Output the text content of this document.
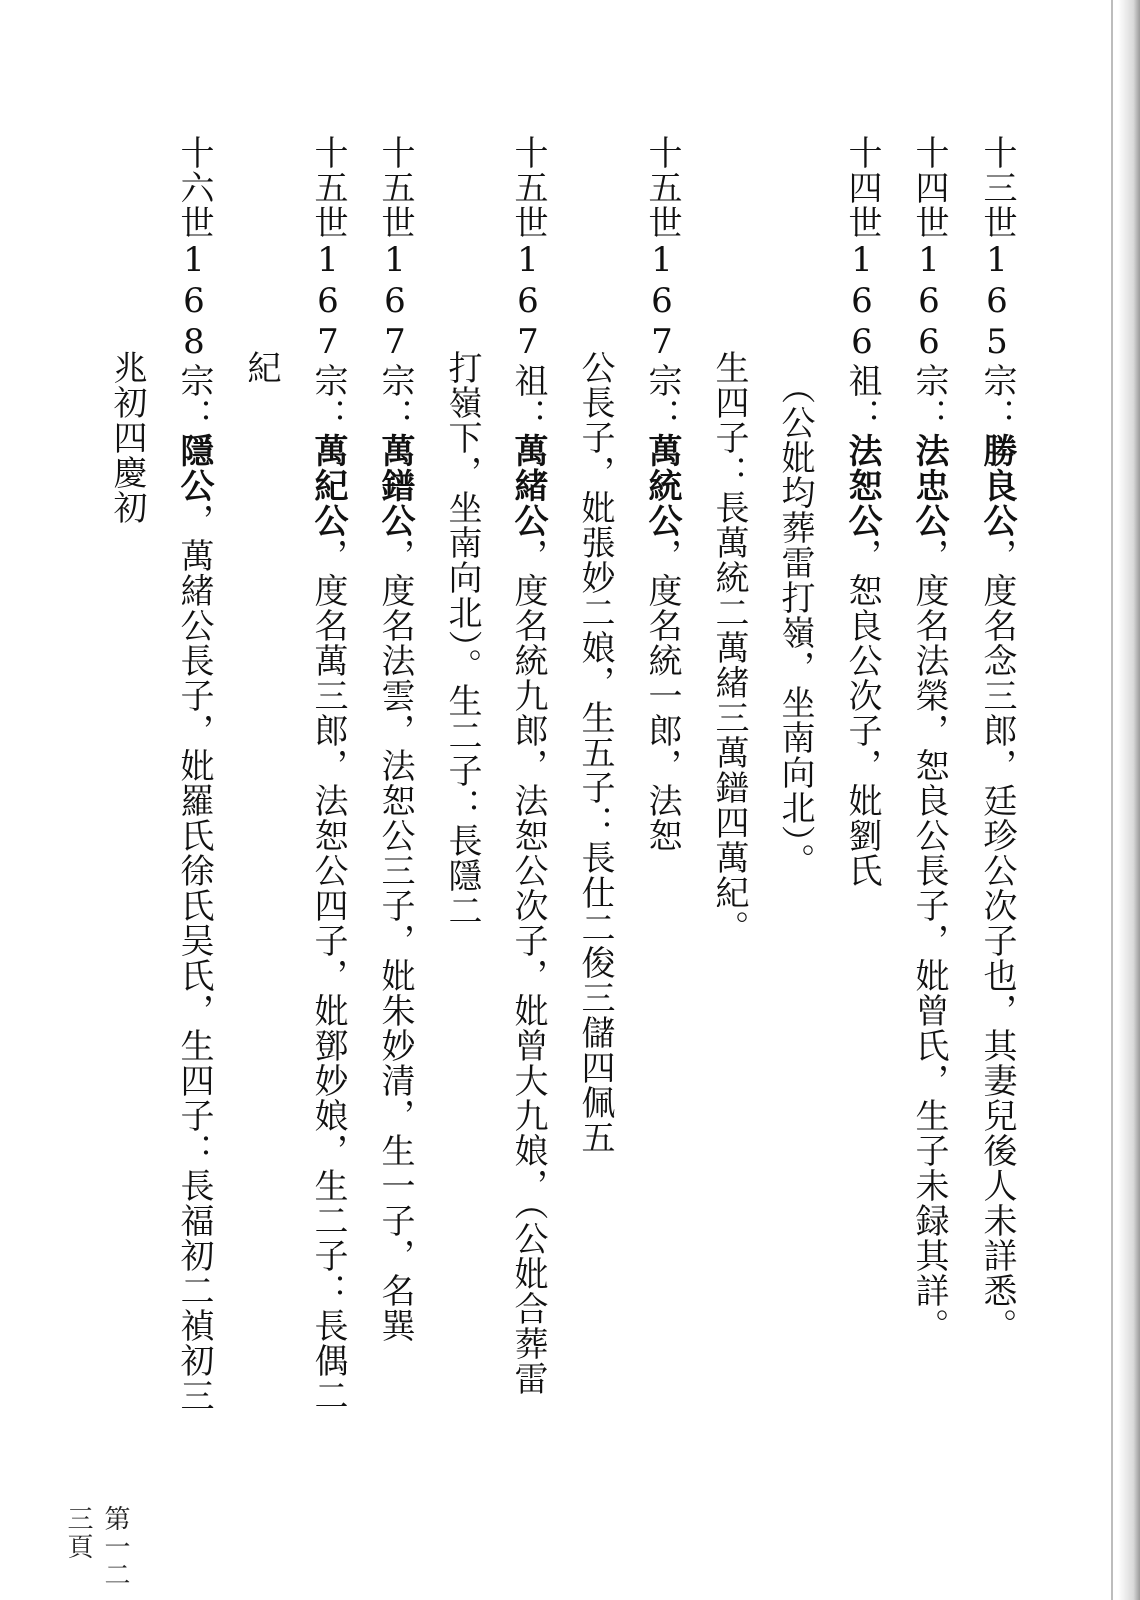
十三世165宗：勝良公，度名念三郎，廷珍公次子也，其妻兒後人未詳悉。
十四世166宗：法忠公，度名法榮，恕良公長子，妣曾氏，生子未録其詳。
十四世166祖：法恕公，恕良公次子，妣劉氏
（公妣均葬雷打嶺，坐南向北）。
生四子：長萬統二萬緒三萬鐠四萬紀。
十五世167宗：萬統公，度名統一郎，法恕
公長子，妣張妙二娘，生五子：長仕二俊三儲四佩五
十五世167祖：萬緒公，度名統九郎，法恕公次子，妣曾大九娘，（公妣合葬雷
打嶺下，坐南向北）。生二子：長隱二
十五世167宗：萬鐠公，度名法雲，法恕公三子，妣朱妙清，生一子，名巽
十五世167宗：萬紀公，度名萬三郎，法恕公四子，妣鄧妙娘，生二子：長偶二
紀
十六世168宗：隱公，萬緒公長子，妣羅氏徐氏吴氏，生四子：長福初二禎初三
兆初四慶初
第一二三頁
